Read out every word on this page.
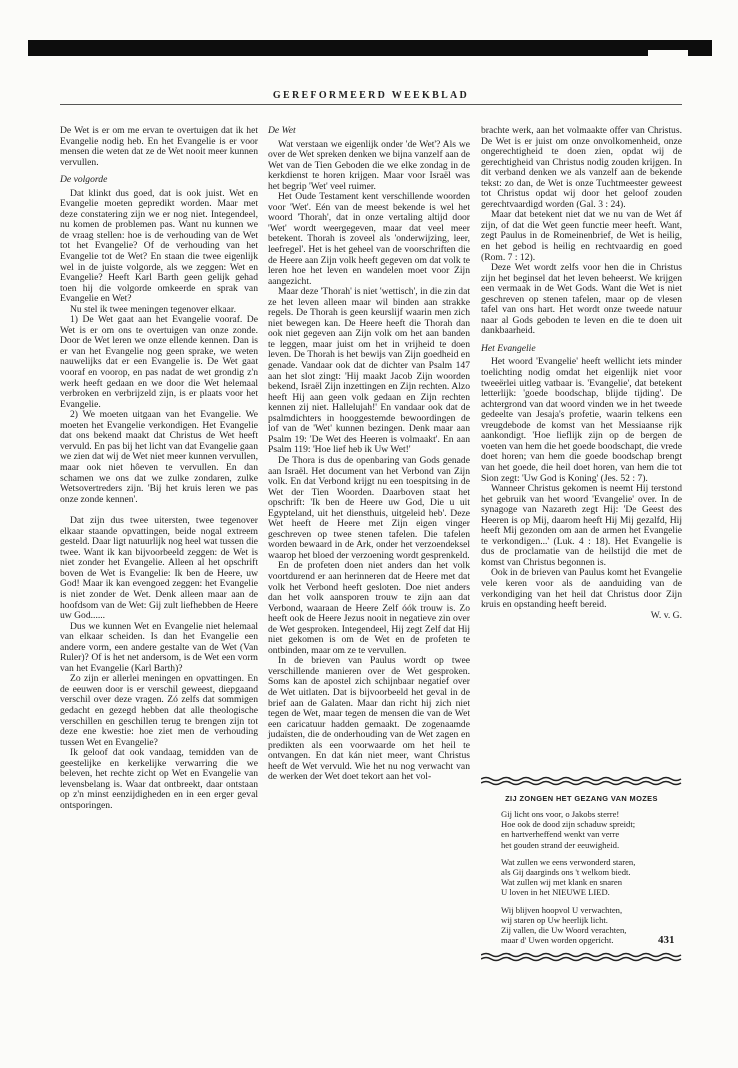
GEREFORMEERD WEEKBLAD

De Wet is er om me ervan te overtuigen dat ik het Evangelie nodig heb. En het Evangelie is er voor mensen die weten dat ze de Wet nooit meer kunnen vervullen.

De volgorde

Dat klinkt dus goed, dat is ook juist. Wet en Evangelie moeten gepredikt worden. Maar met deze constatering zijn we er nog niet. Integendeel, nu komen de problemen pas. Want nu kunnen we de vraag stellen: hoe is de verhouding van de Wet tot het Evangelie? Of de verhouding van het Evangelie tot de Wet? En staan die twee eigenlijk wel in de juiste volgorde, als we zeggen: Wet en Evangelie? Heeft Karl Barth geen gelijk gehad toen hij die volgorde omkeerde en sprak van Evangelie en Wet?

Nu stel ik twee meningen tegenover elkaar.

1) De Wet gaat aan het Evangelie vooraf. De Wet is er om ons te overtuigen van onze zonde. Door de Wet leren we onze ellende kennen. Dan is er van het Evangelie nog geen sprake, we weten nauwelijks dat er een Evangelie is. De Wet gaat vooraf en voorop, en pas nadat de wet grondig z'n werk heeft gedaan en we door die Wet helemaal verbroken en verbrijzeld zijn, is er plaats voor het Evangelie.

2) We moeten uitgaan van het Evangelie. We moeten het Evangelie verkondigen. Het Evangelie dat ons bekend maakt dat Christus de Wet heeft vervuld. En pas bij het licht van dat Evangelie gaan we zien dat wij de Wet niet meer kunnen vervullen, maar ook niet hôeven te vervullen. En dan schamen we ons dat we zulke zondaren, zulke Wetsovertreders zijn. 'Bij het kruis leren we pas onze zonde kennen'.

Dat zijn dus twee uitersten, twee tegenover elkaar staande opvattingen, beide nogal extreem gesteld. Daar ligt natuurlijk nog heel wat tussen die twee. Want ik kan bijvoorbeeld zeggen: de Wet is niet zonder het Evangelie. Alleen al het opschrift boven de Wet is Evangelie: Ik ben de Heere, uw God! Maar ik kan evengoed zeggen: het Evangelie is niet zonder de Wet. Denk alleen maar aan de hoofdsom van de Wet: Gij zult liefhebben de Heere uw God......

Dus we kunnen Wet en Evangelie niet helemaal van elkaar scheiden. Is dan het Evangelie een andere vorm, een andere gestalte van de Wet (Van Ruler)? Of is het net andersom, is de Wet een vorm van het Evangelie (Karl Barth)?

Zo zijn er allerlei meningen en opvattingen. En de eeuwen door is er verschil geweest, diepgaand verschil over deze vragen. Zó zelfs dat sommigen gedacht en gezegd hebben dat alle theologische verschillen en geschillen terug te brengen zijn tot deze ene kwestie: hoe ziet men de verhouding tussen Wet en Evangelie?

Ik geloof dat ook vandaag, temidden van de geestelijke en kerkelijke verwarring die we beleven, het rechte zicht op Wet en Evangelie van levensbelang is. Waar dat ontbreekt, daar ontstaan op z'n minst eenzijdigheden en in een erger geval ontsporingen.

De Wet

Wat verstaan we eigenlijk onder 'de Wet'? Als we over de Wet spreken denken we bijna vanzelf aan de Wet van de Tien Geboden die we elke zondag in de kerkdienst te horen krijgen. Maar voor Israël was het begrip 'Wet' veel ruimer.

Het Oude Testament kent verschillende woorden voor 'Wet'. Eén van de meest bekende is wel het woord 'Thorah', dat in onze vertaling altijd door 'Wet' wordt weergegeven, maar dat veel meer betekent. Thorah is zoveel als 'onderwijzing, leer, leefregel'. Het is het geheel van de voorschriften die de Heere aan Zijn volk heeft gegeven om dat volk te leren hoe het leven en wandelen moet voor Zijn aangezicht.

Maar deze 'Thorah' is niet 'wettisch', in die zin dat ze het leven alleen maar wil binden aan strakke regels. De Thorah is geen keurslijf waarin men zich niet bewegen kan. De Heere heeft die Thorah dan ook niet gegeven aan Zijn volk om het aan banden te leggen, maar juist om het in vrijheid te doen leven. De Thorah is het bewijs van Zijn goedheid en genade. Vandaar ook dat de dichter van Psalm 147 aan het slot zingt: 'Hij maakt Jacob Zijn woorden bekend, Israël Zijn inzettingen en Zijn rechten. Alzo heeft Hij aan geen volk gedaan en Zijn rechten kennen zij niet. Hallelujah!' En vandaar ook dat de psalmdichters in hooggestemde bewoordingen de lof van de 'Wet' kunnen bezingen. Denk maar aan Psalm 19: 'De Wet des Heeren is volmaakt'. En aan Psalm 119: 'Hoe lief heb ik Uw Wet!'

De Thora is dus de openbaring van Gods genade aan Israël. Het document van het Verbond van Zijn volk. En dat Verbond krijgt nu een toespitsing in de Wet der Tien Woorden. Daarboven staat het opschrift: 'Ik ben de Heere uw God, Die u uit Egypteland, uit het diensthuis, uitgeleid heb'. Deze Wet heeft de Heere met Zijn eigen vinger geschreven op twee stenen tafelen. Die tafelen worden bewaard in de Ark, onder het verzoendeksel waarop het bloed der verzoening wordt gesprenkeld.

En de profeten doen niet anders dan het volk voortdurend er aan herinneren dat de Heere met dat volk het Verbond heeft gesloten. Doe niet anders dan het volk aansporen trouw te zijn aan dat Verbond, waaraan de Heere Zelf óók trouw is. Zo heeft ook de Heere Jezus nooit in negatieve zin over de Wet gesproken. Integendeel, Hij zegt Zelf dat Hij niet gekomen is om de Wet en de profeten te ontbinden, maar om ze te vervullen.

In de brieven van Paulus wordt op twee verschillende manieren over de Wet gesproken. Soms kan de apostel zich schijnbaar negatief over de Wet uitlaten. Dat is bijvoorbeeld het geval in de brief aan de Galaten. Maar dan richt hij zich niet tegen de Wet, maar tegen de mensen die van de Wet een caricatuur hadden gemaakt. De zogenaamde judaïsten, die de onderhouding van de Wet zagen en predikten als een voorwaarde om het heil te ontvangen. En dat kán niet meer, want Christus heeft de Wet vervuld. Wie het nu nog verwacht van de werken der Wet doet tekort aan het vol-

brachte werk, aan het volmaakte offer van Christus. De Wet is er juist om onze onvolkomenheid, onze ongerechtigheid te doen zien, opdat wij de gerechtigheid van Christus nodig zouden krijgen. In dit verband denken we als vanzelf aan de bekende tekst: zo dan, de Wet is onze Tuchtmeester geweest tot Christus opdat wij door het geloof zouden gerechtvaardigd worden (Gal. 3 : 24).

Maar dat betekent niet dat we nu van de Wet áf zijn, of dat die Wet geen functie meer heeft. Want, zegt Paulus in de Romeinenbrief, de Wet is heilig, en het gebod is heilig en rechtvaardig en goed (Rom. 7 : 12).

Deze Wet wordt zelfs voor hen die in Christus zijn het beginsel dat het leven beheerst. We krijgen een vermaak in de Wet Gods. Want die Wet is niet geschreven op stenen tafelen, maar op de vlesen tafel van ons hart. Het wordt onze tweede natuur naar al Gods geboden te leven en die te doen uit dankbaarheid.

Het Evangelie

Het woord 'Evangelie' heeft wellicht iets minder toelichting nodig omdat het eigenlijk niet voor tweeërlei uitleg vatbaar is. 'Evangelie', dat betekent letterlijk: 'goede boodschap, blijde tijding'. De achtergrond van dat woord vinden we in het tweede gedeelte van Jesaja's profetie, waarin telkens een vreugdebode de komst van het Messiaanse rijk aankondigt. 'Hoe lieflijk zijn op de bergen de voeten van hem die het goede boodschapt, die vrede doet horen; van hem die goede boodschap brengt van het goede, die heil doet horen, van hem die tot Sion zegt: 'Uw God is Koning' (Jes. 52 : 7).

Wanneer Christus gekomen is neemt Hij terstond het gebruik van het woord 'Evangelie' over. In de synagoge van Nazareth zegt Hij: 'De Geest des Heeren is op Mij, daarom heeft Hij Mij gezalfd, Hij heeft Mij gezonden om aan de armen het Evangelie te verkondigen...' (Luk. 4 : 18). Het Evangelie is dus de proclamatie van de heilstijd die met de komst van Christus begonnen is.

Ook in de brieven van Paulus komt het Evangelie vele keren voor als de aanduiding van de verkondiging van het heil dat Christus door Zijn kruis en opstanding heeft bereid.

W. v. G.

ZIJ ZONGEN HET GEZANG VAN MOZES
Gij licht ons voor, o Jakobs sterre!
Hoe ook de dood zijn schaduw spreidt;
en hartverheffend wenkt van verre
het gouden strand der eeuwigheid.
Wat zullen we eens verwonderd staren,
als Gij daarginds ons 't welkom biedt.
Wat zullen wij met klank en snaren
U loven in het NIEUWE LIED.
Wij blijven hoopvol U verwachten,
wij staren op Uw heerlijk licht.
Zij vallen, die Uw Woord verachten,
maar d' Uwen worden opgericht.	431
